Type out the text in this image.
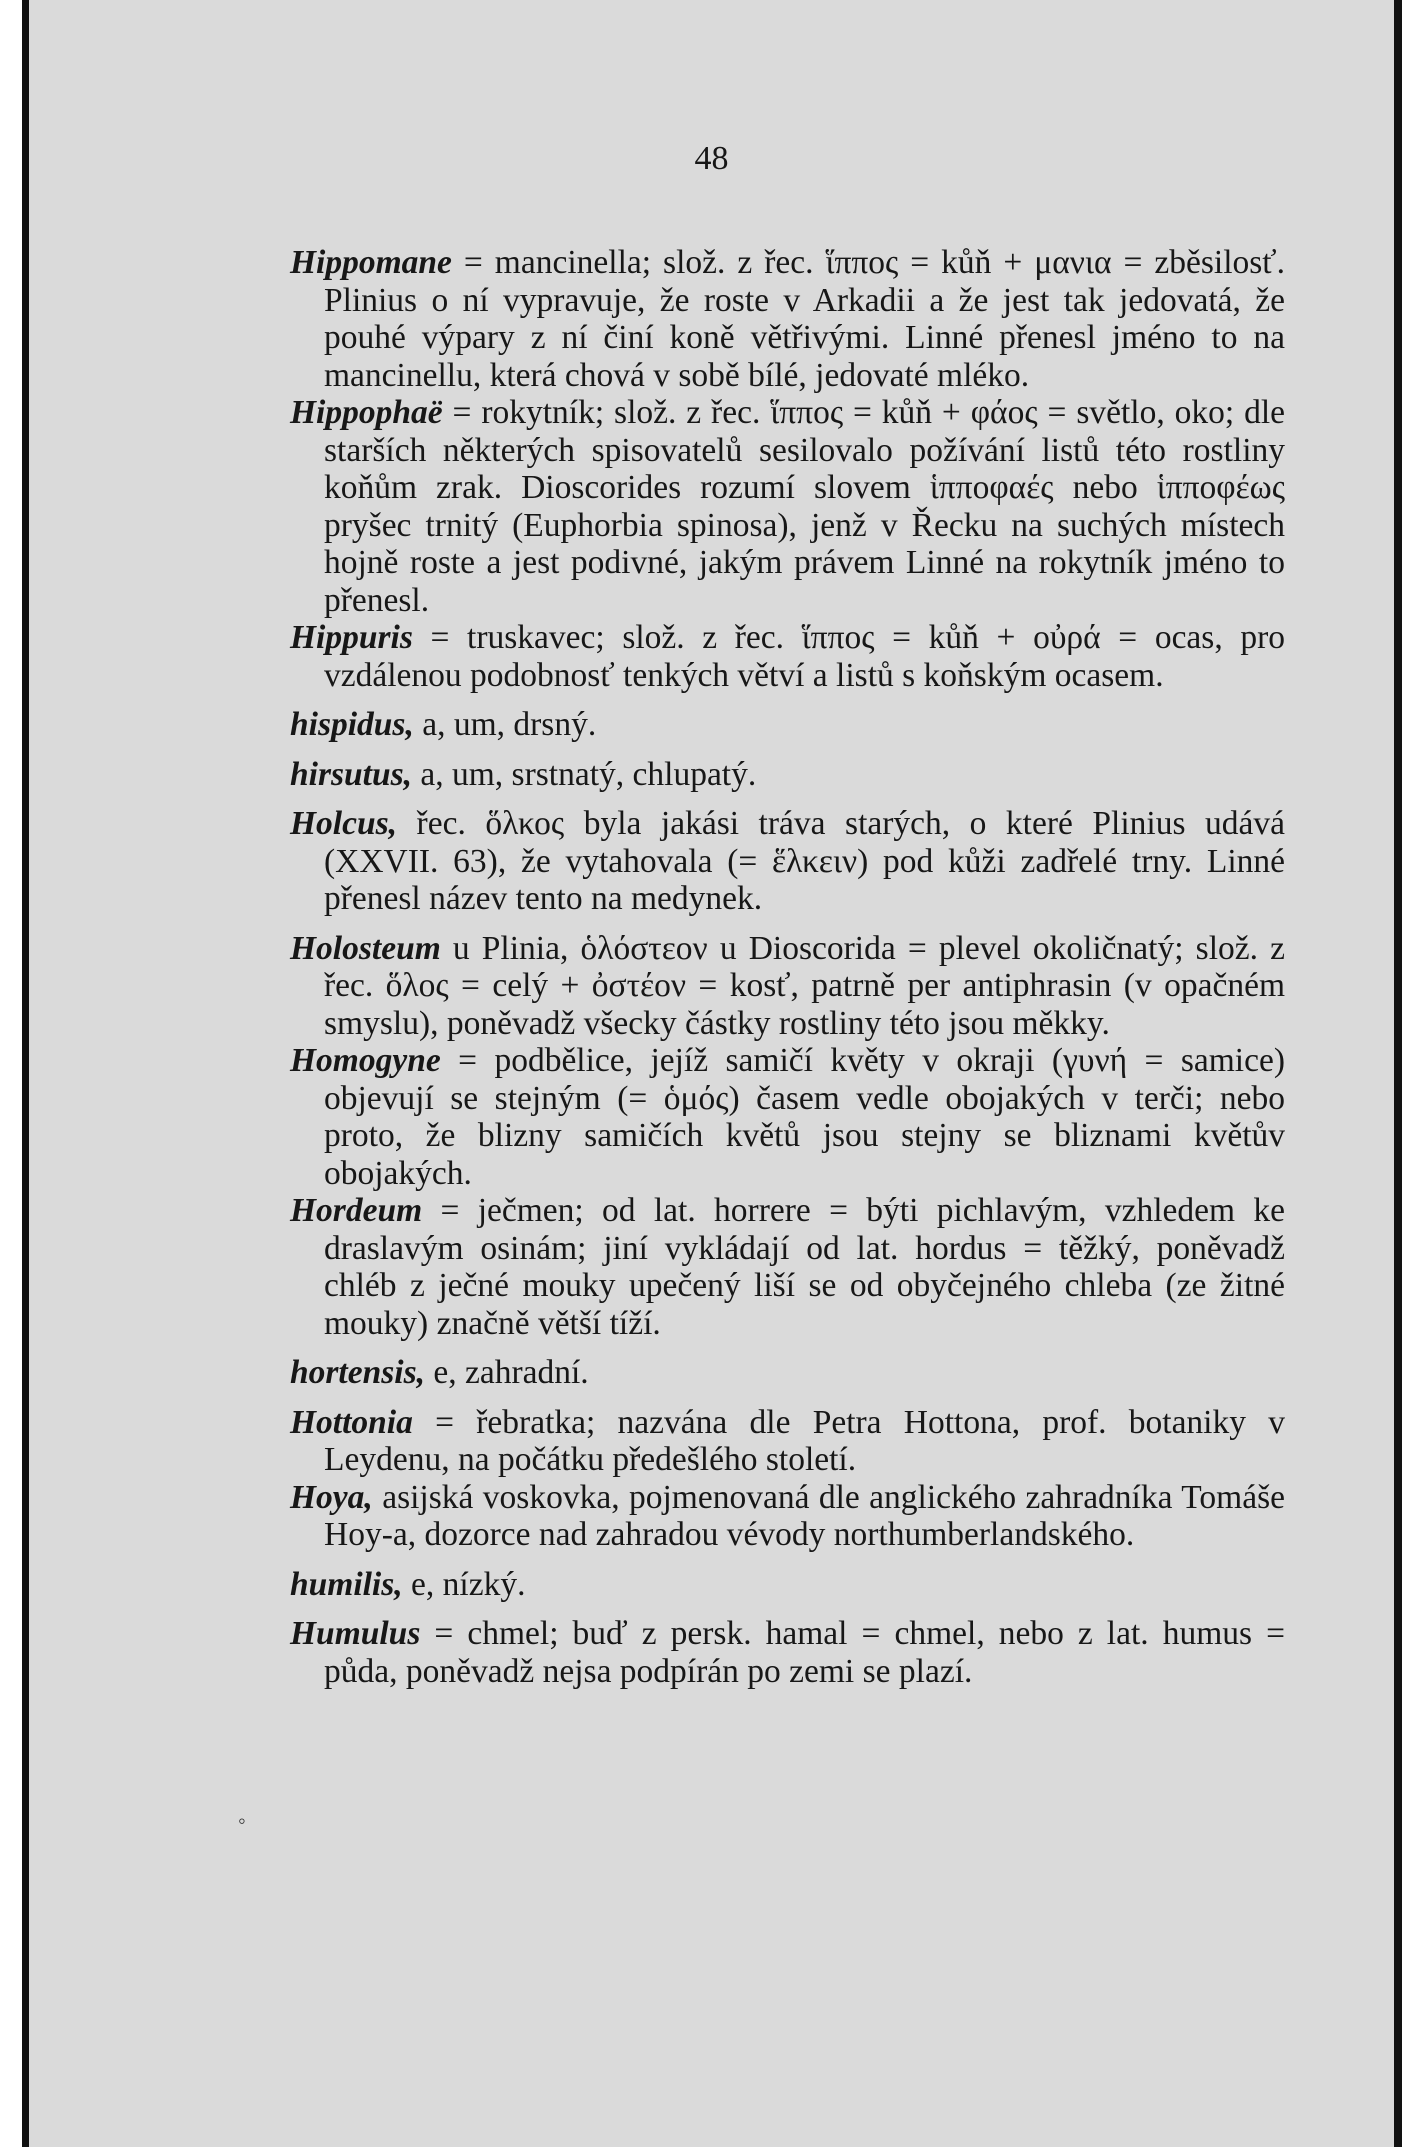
48

Hippomane = mancinella; slož. z řec. ἵππος = kůň + μανια = zběsilosť. Plinius o ní vypravuje, že roste v Arkadii a že jest tak jedovatá, že pouhé výpary z ní činí koně větřivými. Linné přenesl jméno to na mancinellu, která chová v sobě bílé, jedovaté mléko.

Hippophaë = rokytník; slož. z řec. ἵππος = kůň + φάος = světlo, oko; dle starších některých spisovatelů sesilovalo požívání listů této rostliny koňům zrak. Dioscorides rozumí slovem ἱπποφαές nebo ἱπποφέως pryšec trnitý (Euphorbia spinosa), jenž v Řecku na suchých místech hojně roste a jest podivné, jakým právem Linné na rokytník jméno to přenesl.

Hippuris = truskavec; slož. z řec. ἵππος = kůň + οὐρά = ocas, pro vzdálenou podobnosť tenkých větví a listů s koňským ocasem.

hispidus, a, um, drsný.

hirsutus, a, um, srstnatý, chlupatý.

Holcus, řec. ὅλκος byla jakási tráva starých, o které Plinius udává (XXVII. 63), že vytahovala (= ἕλκειν) pod kůži zadřelé trny. Linné přenesl název tento na medynek.

Holosteum u Plinia, ὁλόστεον u Dioscorida = plevel okoličnatý; slož. z řec. ὅλος = celý + ὀστέον = kosť, patrně per antiphrasin (v opačném smyslu), poněvadž všecky částky rostliny této jsou měkky.

Homogyne = podbělice, jejíž samičí květy v okraji (γυνή = samice) objevují se stejným (= ὁμός) časem vedle obojakých v terči; nebo proto, že blizny samičích květů jsou stejny se bliznami květův obojakých.

Hordeum = ječmen; od lat. horrere = býti pichlavým, vzhledem ke draslavým osinám; jiní vykládají od lat. hordus = těžký, poněvadž chléb z ječné mouky upečený liší se od obyčejného chleba (ze žitné mouky) značně větší tíží.

hortensis, e, zahradní.

Hottonia = řebratka; nazvána dle Petra Hottona, prof. botaniky v Leydenu, na počátku předešlého století.

Hoya, asijská voskovka, pojmenovaná dle anglického zahradníka Tomáše Hoy-a, dozorce nad zahradou vévody northumberlandského.

humilis, e, nízký.

Humulus = chmel; buď z persk. hamal = chmel, nebo z lat. humus = půda, poněvadž nejsa podpírán po zemi se plazí.

◦
